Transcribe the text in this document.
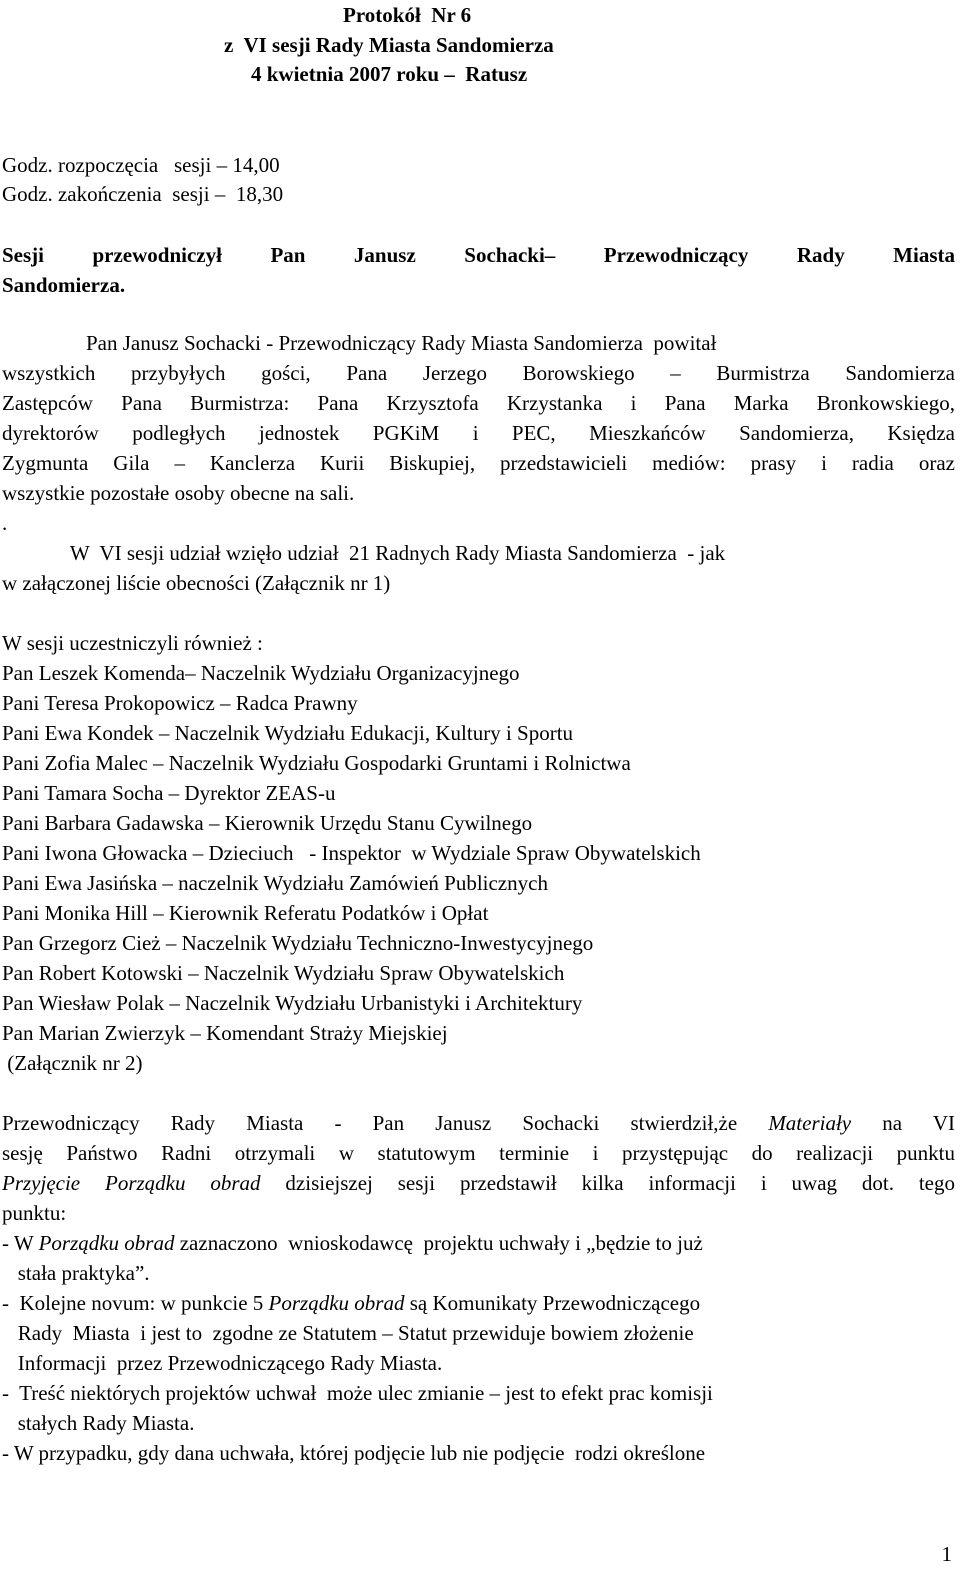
Protokół  Nr 6
z  VI sesji Rady Miasta Sandomierza
4 kwietnia 2007 roku –  Ratusz
Godz. rozpoczęcia   sesji – 14,00
Godz. zakończenia  sesji –  18,30
Sesji przewodniczył Pan Janusz Sochacki– Przewodniczący Rady Miasta
Sandomierza.
Pan Janusz Sochacki - Przewodniczący Rady Miasta Sandomierza  powitał
wszystkich przybyłych gości, Pana Jerzego Borowskiego – Burmistrza Sandomierza
Zastępców Pana Burmistrza: Pana Krzysztofa Krzystanka i Pana Marka Bronkowskiego,
dyrektorów podległych jednostek PGKiM i PEC, Mieszkańców Sandomierza, Księdza
Zygmunta Gila – Kanclerza Kurii Biskupiej, przedstawicieli mediów: prasy i radia oraz
wszystkie pozostałe osoby obecne na sali.
.
W  VI sesji udział wzięło udział  21 Radnych Rady Miasta Sandomierza  - jak
w załączonej liście obecności (Załącznik nr 1)
W sesji uczestniczyli również :
Pan Leszek Komenda– Naczelnik Wydziału Organizacyjnego
Pani Teresa Prokopowicz – Radca Prawny
Pani Ewa Kondek – Naczelnik Wydziału Edukacji, Kultury i Sportu
Pani Zofia Malec – Naczelnik Wydziału Gospodarki Gruntami i Rolnictwa
Pani Tamara Socha – Dyrektor ZEAS-u
Pani Barbara Gadawska – Kierownik Urzędu Stanu Cywilnego
Pani Iwona Głowacka – Dzieciuch   - Inspektor  w Wydziale Spraw Obywatelskich
Pani Ewa Jasińska – naczelnik Wydziału Zamówień Publicznych
Pani Monika Hill – Kierownik Referatu Podatków i Opłat
Pan Grzegorz Cież – Naczelnik Wydziału Techniczno-Inwestycyjnego
Pan Robert Kotowski – Naczelnik Wydziału Spraw Obywatelskich
Pan Wiesław Polak – Naczelnik Wydziału Urbanistyki i Architektury
Pan Marian Zwierzyk – Komendant Straży Miejskiej
(Załącznik nr 2)
Przewodniczący Rady Miasta - Pan Janusz Sochacki stwierdził,że Materiały na VI
sesję Państwo Radni otrzymali w statutowym terminie i przystępując do realizacji punktu
Przyjęcie Porządku obrad dzisiejszej sesji przedstawił kilka informacji i uwag dot. tego
punktu:
- W Porządku obrad zaznaczono  wnioskodawcę  projektu uchwały i „będzie to już
stała praktyka”.
-  Kolejne novum: w punkcie 5 Porządku obrad są Komunikaty Przewodniczącego
Rady  Miasta  i jest to  zgodne ze Statutem – Statut przewiduje bowiem złożenie
Informacji  przez Przewodniczącego Rady Miasta.
-  Treść niektórych projektów uchwał  może ulec zmianie – jest to efekt prac komisji
stałych Rady Miasta.
- W przypadku, gdy dana uchwała, której podjęcie lub nie podjęcie  rodzi określone
1
